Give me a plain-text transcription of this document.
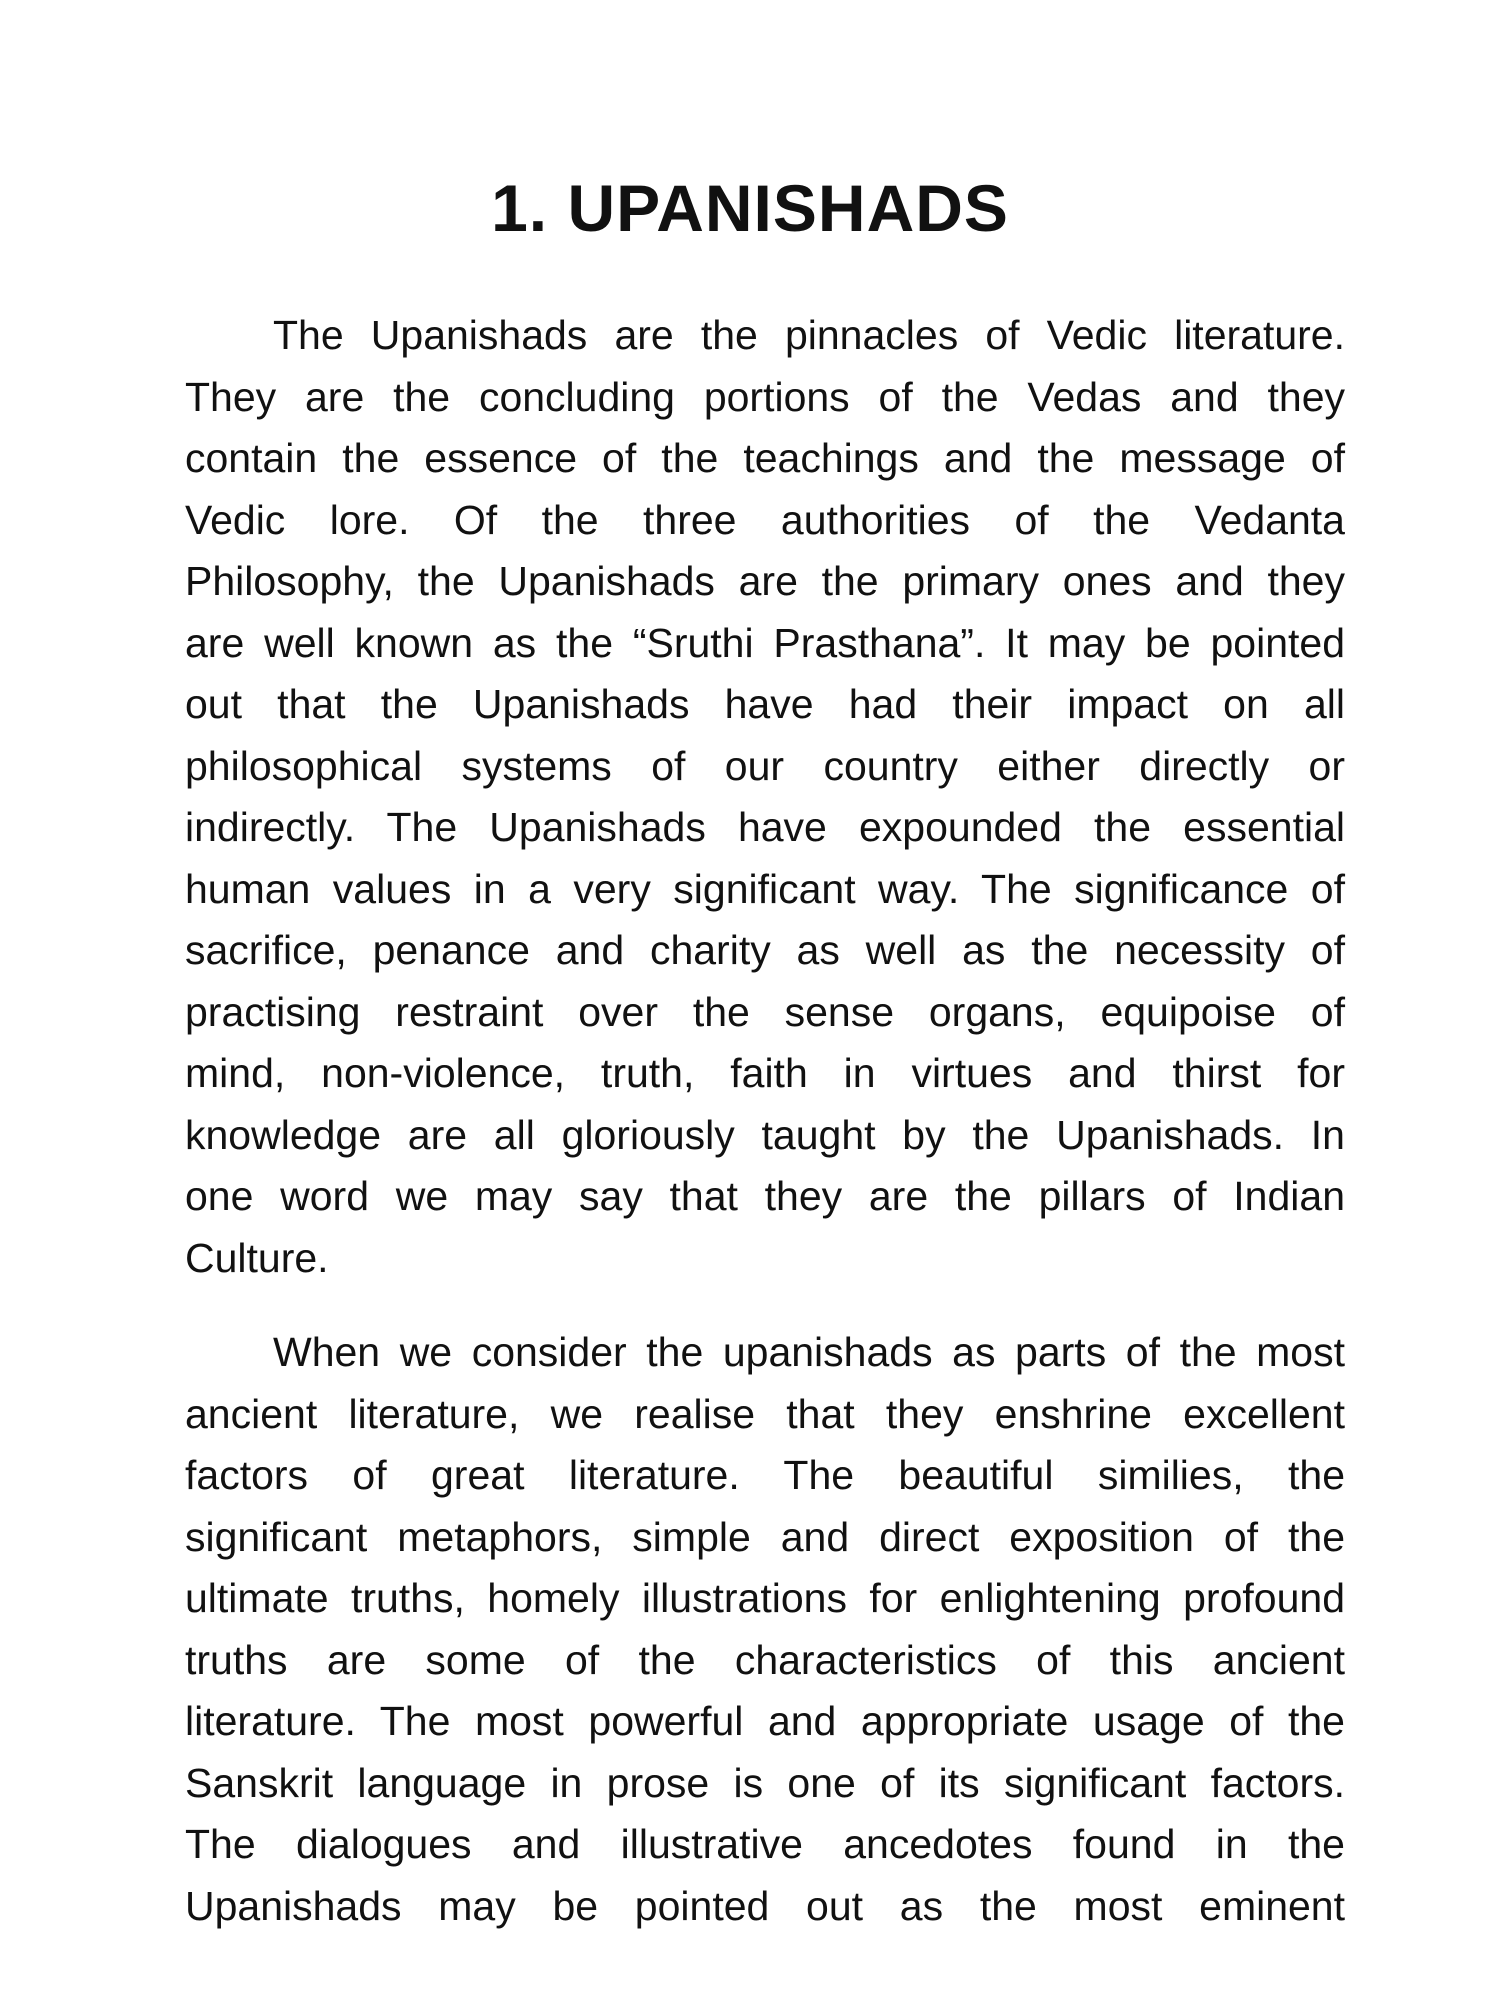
1. UPANISHADS
The Upanishads are the pinnacles of Vedic literature.
They are the concluding portions of the Vedas and they
contain the essence of the teachings and the message of
Vedic lore. Of the three authorities of the Vedanta
Philosophy, the Upanishads are the primary ones and they
are well known as the “Sruthi Prasthana”. It may be pointed
out that the Upanishads have had their impact on all
philosophical systems of our country either directly or
indirectly. The Upanishads have expounded the essential
human values in a very significant way. The significance of
sacrifice, penance and charity as well as the necessity of
practising restraint over the sense organs, equipoise of
mind, non-violence, truth, faith in virtues and thirst for
knowledge are all gloriously taught by the Upanishads. In
one word we may say that they are the pillars of Indian
Culture.
When we consider the upanishads as parts of the most
ancient literature, we realise that they enshrine excellent
factors of great literature. The beautiful similies, the
significant metaphors, simple and direct exposition of the
ultimate truths, homely illustrations for enlightening profound
truths are some of the characteristics of this ancient
literature. The most powerful and appropriate usage of the
Sanskrit language in prose is one of its significant factors.
The dialogues and illustrative ancedotes found in the
Upanishads may be pointed out as the most eminent
